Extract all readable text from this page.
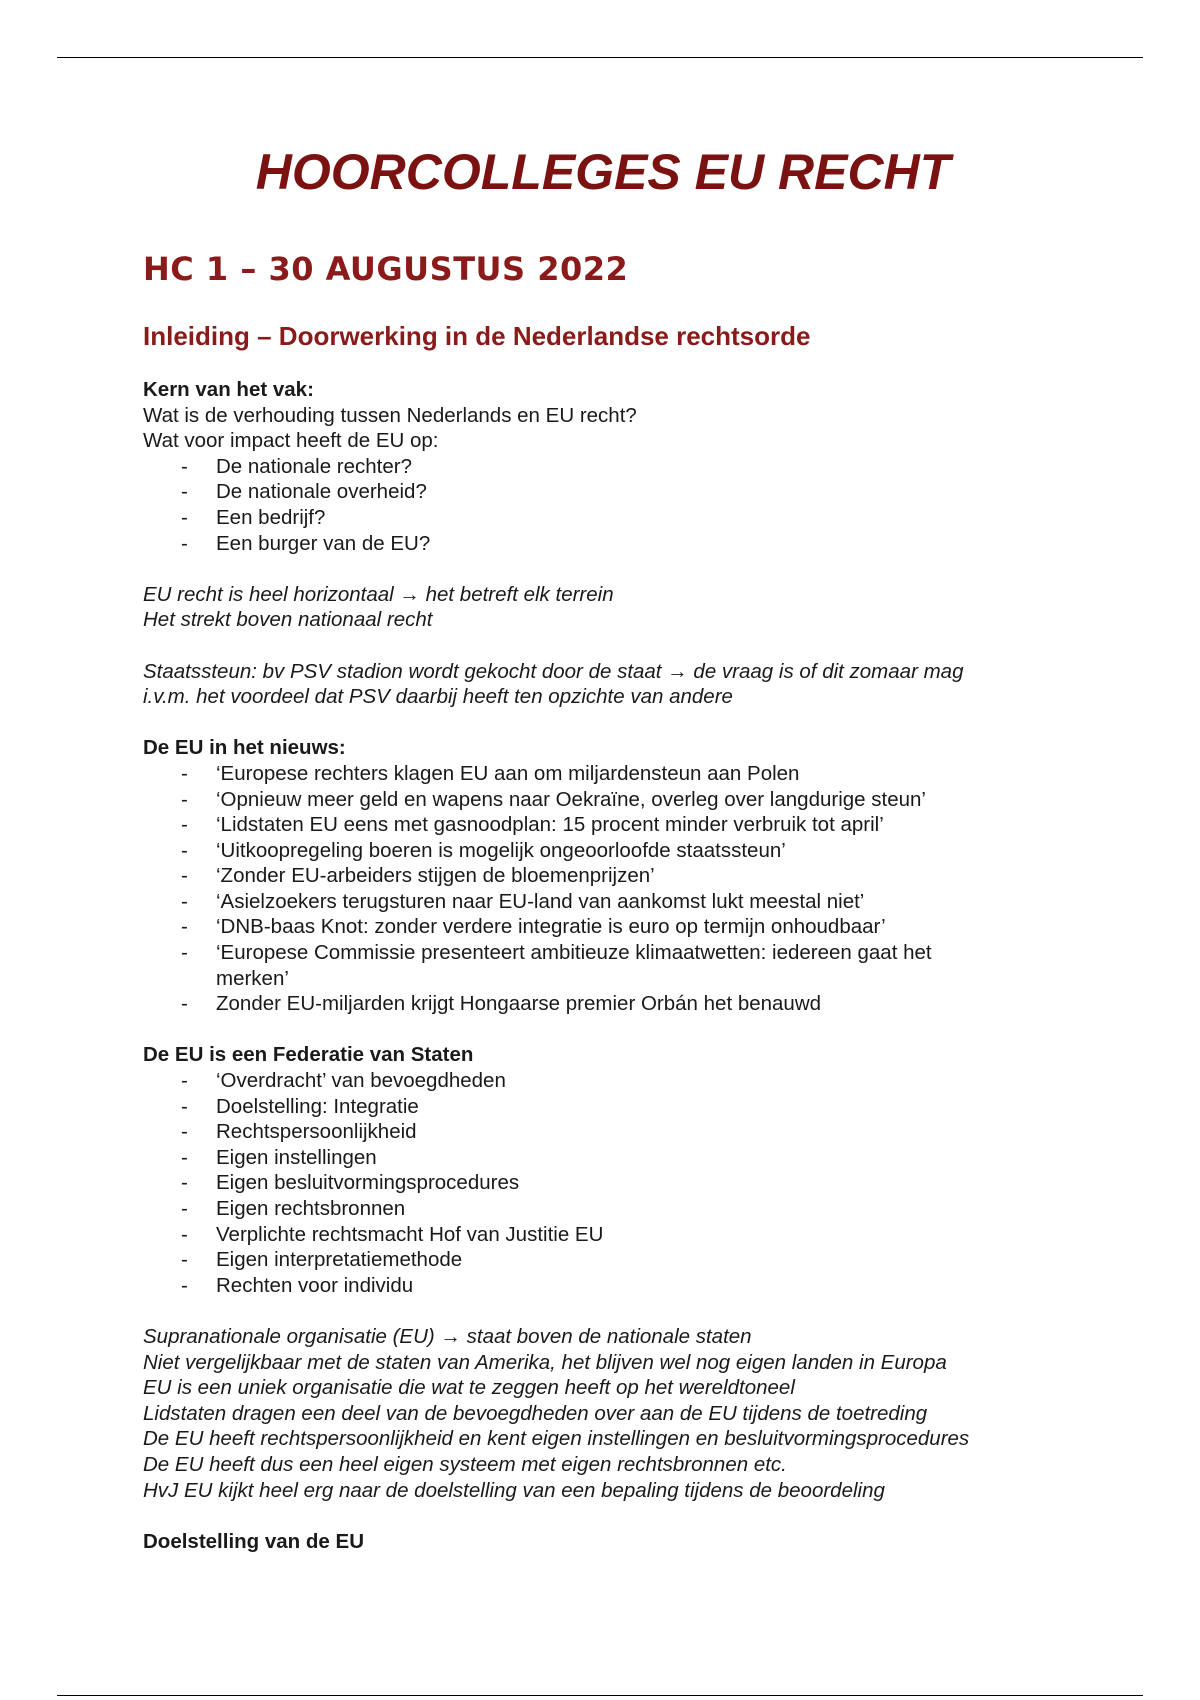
HOORCOLLEGES EU RECHT
HC 1 – 30 AUGUSTUS 2022
Inleiding – Doorwerking in de Nederlandse rechtsorde

Kern van het vak:

Wat is de verhouding tussen Nederlands en EU recht?

Wat voor impact heeft de EU op:

- De nationale rechter?
- De nationale overheid?
- Een bedrijf?
- Een burger van de EU?

EU recht is heel horizontaal → het betreft elk terrein

Het strekt boven nationaal recht

Staatssteun: bv PSV stadion wordt gekocht door de staat → de vraag is of dit zomaar mag
i.v.m. het voordeel dat PSV daarbij heeft ten opzichte van andere

De EU in het nieuws:

- ‘Europese rechters klagen EU aan om miljardensteun aan Polen
- ‘Opnieuw meer geld en wapens naar Oekraïne, overleg over langdurige steun’
- ‘Lidstaten EU eens met gasnoodplan: 15 procent minder verbruik tot april’
- ‘Uitkoopregeling boeren is mogelijk ongeoorloofde staatssteun’
- ‘Zonder EU-arbeiders stijgen de bloemenprijzen’
- ‘Asielzoekers terugsturen naar EU-land van aankomst lukt meestal niet’
- ‘DNB-baas Knot: zonder verdere integratie is euro op termijn onhoudbaar’
- ‘Europese Commissie presenteert ambitieuze klimaatwetten: iedereen gaat het
merken’
- Zonder EU-miljarden krijgt Hongaarse premier Orbán het benauwd

De EU is een Federatie van Staten

- ‘Overdracht’ van bevoegdheden
- Doelstelling: Integratie
- Rechtspersoonlijkheid
- Eigen instellingen
- Eigen besluitvormingsprocedures
- Eigen rechtsbronnen
- Verplichte rechtsmacht Hof van Justitie EU
- Eigen interpretatiemethode
- Rechten voor individu

Supranationale organisatie (EU) → staat boven de nationale staten

Niet vergelijkbaar met de staten van Amerika, het blijven wel nog eigen landen in Europa

EU is een uniek organisatie die wat te zeggen heeft op het wereldtoneel

Lidstaten dragen een deel van de bevoegdheden over aan de EU tijdens de toetreding

De EU heeft rechtspersoonlijkheid en kent eigen instellingen en besluitvormingsprocedures

De EU heeft dus een heel eigen systeem met eigen rechtsbronnen etc.

HvJ EU kijkt heel erg naar de doelstelling van een bepaling tijdens de beoordeling

Doelstelling van de EU
